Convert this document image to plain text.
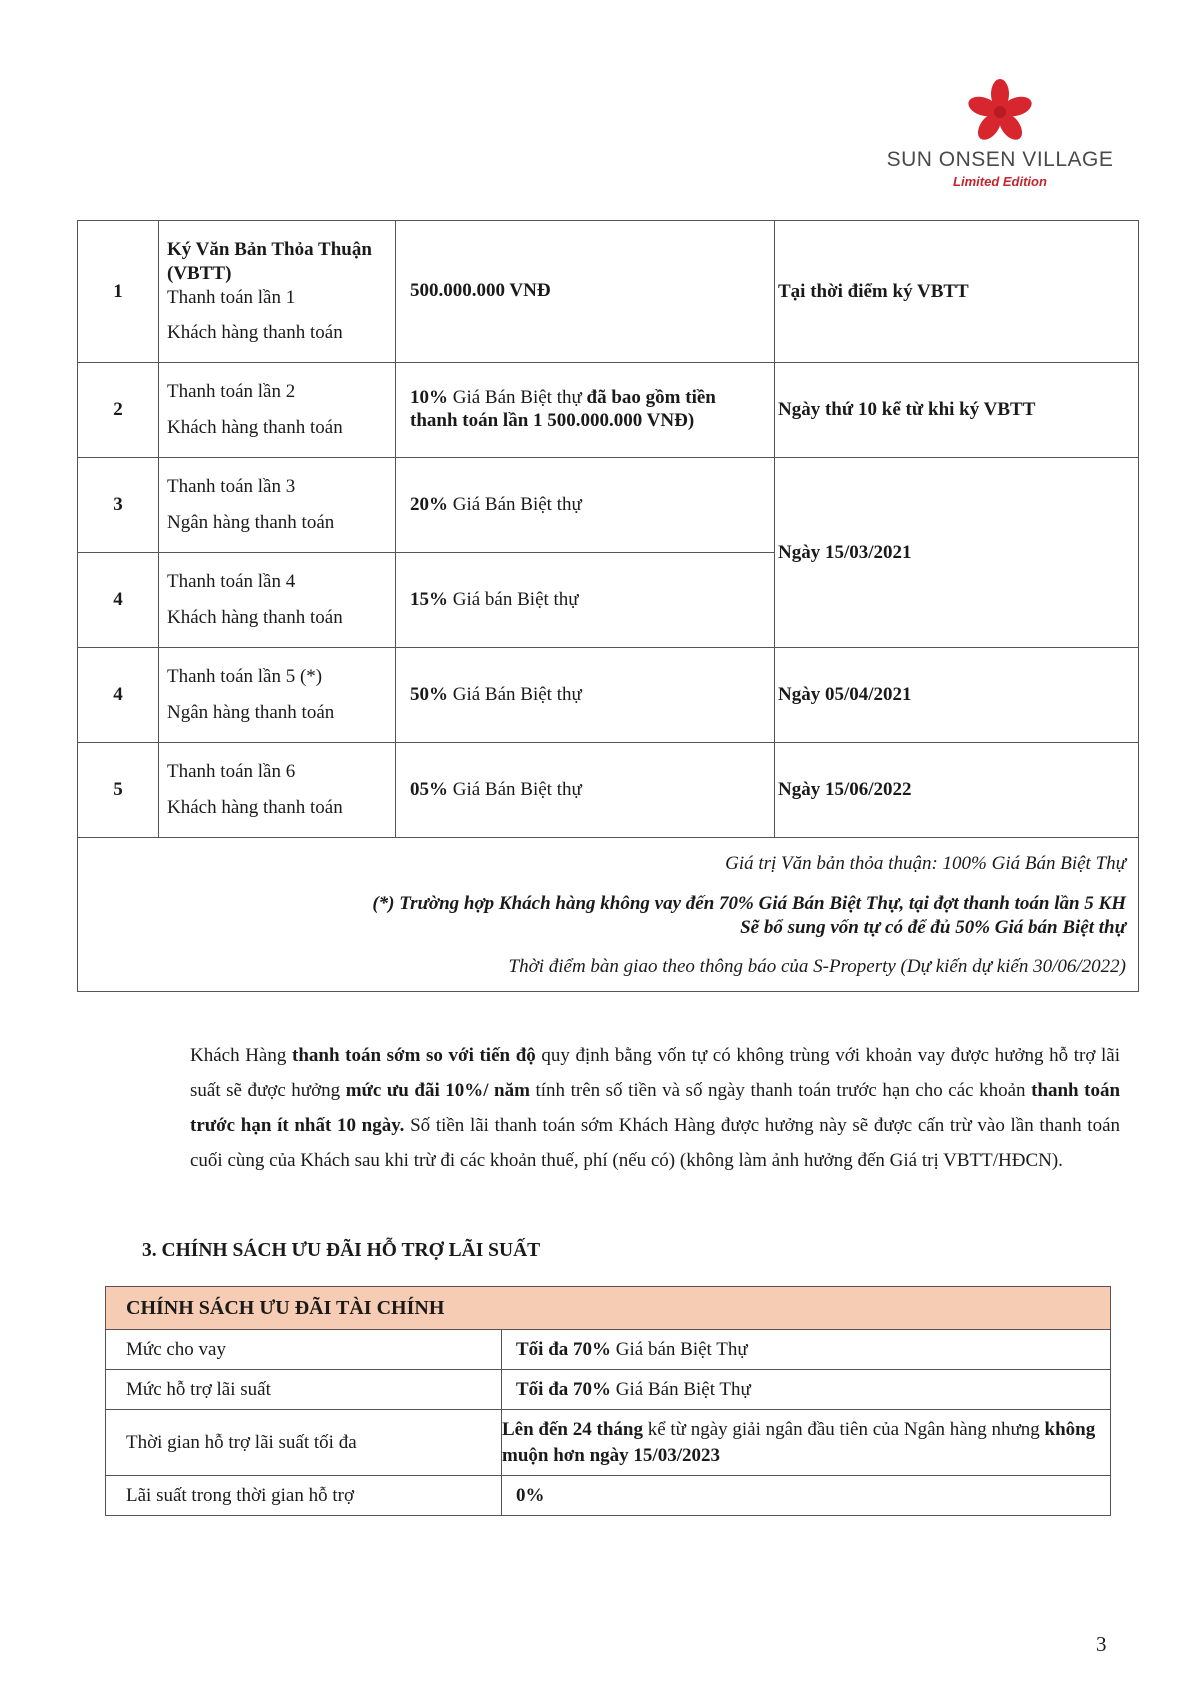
SUN ONSEN VILLAGE
Limited Edition
1	Ký Văn Bản Thỏa Thuận (VBTT)
Thanh toán lần 1
Khách hàng thanh toán	500.000.000 VNĐ	Tại thời điểm ký VBTT
2	Thanh toán lần 2
Khách hàng thanh toán	10% Giá Bán Biệt thự đã bao gồm tiền thanh toán lần 1 500.000.000 VNĐ)	Ngày thứ 10 kể từ khi ký VBTT
3	Thanh toán lần 3
Ngân hàng thanh toán	20% Giá Bán Biệt thự	Ngày 15/03/2021
4	Thanh toán lần 4
Khách hàng thanh toán	15% Giá bán Biệt thự	
4	Thanh toán lần 5 (*)
Ngân hàng thanh toán	50% Giá Bán Biệt thự	Ngày 05/04/2021
5	Thanh toán lần 6
Khách hàng thanh toán	05% Giá Bán Biệt thự	Ngày 15/06/2022

Giá trị Văn bản thỏa thuận: 100% Giá Bán Biệt Thự

(*) Trường hợp Khách hàng không vay đến 70% Giá Bán Biệt Thự, tại đợt thanh toán lần 5 KH

Sẽ bổ sung vốn tự có để đủ 50% Giá bán Biệt thự

Thời điểm bàn giao theo thông báo của S-Property (Dự kiến dự kiến 30/06/2022)			

Khách Hàng thanh toán sớm so với tiến độ quy định bằng vốn tự có không trùng với khoản vay được hưởng hỗ trợ lãi suất sẽ được hưởng mức ưu đãi 10%/ năm tính trên số tiền và số ngày thanh toán trước hạn cho các khoản thanh toán trước hạn ít nhất 10 ngày. Số tiền lãi thanh toán sớm Khách Hàng được hưởng này sẽ được cấn trừ vào lần thanh toán cuối cùng của Khách sau khi trừ đi các khoản thuế, phí (nếu có) (không làm ảnh hưởng đến Giá trị VBTT/HĐCN).

3. CHÍNH SÁCH ƯU ĐÃI HỖ TRỢ LÃI SUẤT
CHÍNH SÁCH ƯU ĐÃI TÀI CHÍNH	
Mức cho vay	Tối đa 70% Giá bán Biệt Thự
Mức hỗ trợ lãi suất	Tối đa 70% Giá Bán Biệt Thự
Thời gian hỗ trợ lãi suất tối đa	Lên đến 24 tháng kể từ ngày giải ngân đầu tiên của Ngân hàng nhưng không muộn hơn ngày 15/03/2023
Lãi suất trong thời gian hỗ trợ	0%
3
